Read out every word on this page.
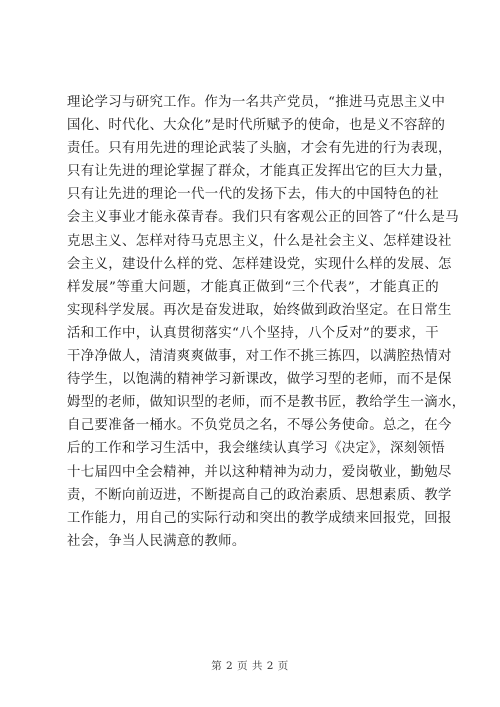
理论学习与研究工作。作为一名共产党员，“推进马克思主义中
国化、时代化、大众化”是时代所赋予的使命，也是义不容辞的
责任。只有用先进的理论武装了头脑，才会有先进的行为表现，
只有让先进的理论掌握了群众，才能真正发挥出它的巨大力量，
只有让先进的理论一代一代的发扬下去，伟大的中国特色的社
会主义事业才能永葆青春。我们只有客观公正的回答了“什么是马
克思主义、怎样对待马克思主义，什么是社会主义、怎样建设社
会主义，建设什么样的党、怎样建设党，实现什么样的发展、怎
样发展”等重大问题，才能真正做到“三个代表”，才能真正的
实现科学发展。再次是奋发进取，始终做到政治坚定。在日常生
活和工作中，认真贯彻落实“八个坚持，八个反对”的要求，干
干净净做人，清清爽爽做事，对工作不挑三拣四，以满腔热情对
待学生，以饱满的精神学习新课改，做学习型的老师，而不是保
姆型的老师，做知识型的老师，而不是教书匠，教给学生一滴水，
自己要准备一桶水。不负党员之名，不辱公务使命。总之，在今
后的工作和学习生活中，我会继续认真学习《决定》，深刻领悟
十七届四中全会精神，并以这种精神为动力，爱岗敬业，勤勉尽
责，不断向前迈进，不断提高自己的政治素质、思想素质、教学
工作能力，用自己的实际行动和突出的教学成绩来回报党，回报
社会，争当人民满意的教师。
第 2 页 共 2 页
